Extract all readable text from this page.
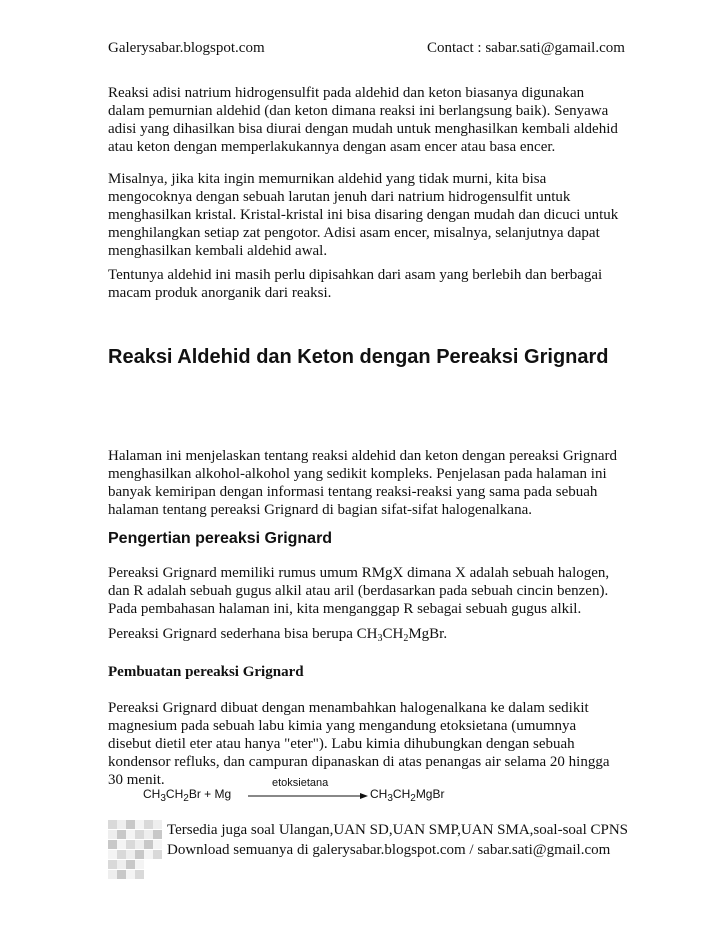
Galerysabar.blogspot.com	Contact : sabar.sati@gamail.com
Reaksi adisi natrium hidrogensulfit pada aldehid dan keton biasanya digunakan dalam pemurnian aldehid (dan keton dimana reaksi ini berlangsung baik). Senyawa adisi yang dihasilkan bisa diurai dengan mudah untuk menghasilkan kembali aldehid atau keton dengan memperlakukannya dengan asam encer atau basa encer.
Misalnya, jika kita ingin memurnikan aldehid yang tidak murni, kita bisa mengocoknya dengan sebuah larutan jenuh dari natrium hidrogensulfit untuk menghasilkan kristal. Kristal-kristal ini bisa disaring dengan mudah dan dicuci untuk menghilangkan setiap zat pengotor. Adisi asam encer, misalnya, selanjutnya dapat menghasilkan kembali aldehid awal.
Tentunya aldehid ini masih perlu dipisahkan dari asam yang berlebih dan berbagai macam produk anorganik dari reaksi.
Reaksi Aldehid dan Keton dengan Pereaksi Grignard
Halaman ini menjelaskan tentang reaksi aldehid dan keton dengan pereaksi Grignard menghasilkan alkohol-alkohol yang sedikit kompleks. Penjelasan pada halaman ini banyak kemiripan dengan informasi tentang reaksi-reaksi yang sama pada sebuah halaman tentang pereaksi Grignard di bagian sifat-sifat halogenalkana.
Pengertian pereaksi Grignard
Pereaksi Grignard memiliki rumus umum RMgX dimana X adalah sebuah halogen, dan R adalah sebuah gugus alkil atau aril (berdasarkan pada sebuah cincin benzen). Pada pembahasan halaman ini, kita menganggap R sebagai sebuah gugus alkil.
Pereaksi Grignard sederhana bisa berupa $CH_3CH_2MgBr$.
Pembuatan pereaksi Grignard
Pereaksi Grignard dibuat dengan menambahkan halogenalkana ke dalam sedikit magnesium pada sebuah labu kimia yang mengandung etoksietana (umumnya disebut dietil eter atau hanya "eter"). Labu kimia dihubungkan dengan sebuah kondensor refluks, dan campuran dipanaskan di atas penangas air selama 20 hingga 30 menit.
$CH_3CH_2Br + Mg$
etoksietana
$CH_3CH_2MgBr$
Tersedia juga soal Ulangan,UAN SD,UAN SMP,UAN SMA,soal-soal CPNS
Download semuanya di galerysabar.blogspot.com / sabar.sati@gmail.com
